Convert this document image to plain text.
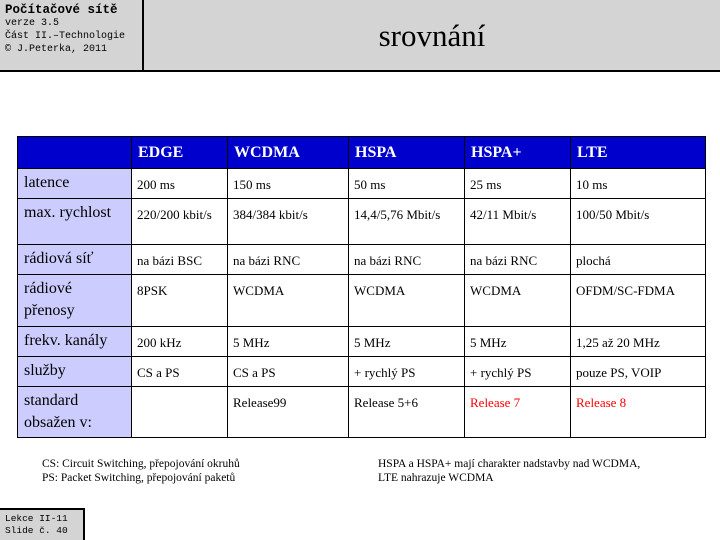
Počítačové sítě
verze 3.5
Část II.–Technologie
© J.Peterka, 2011	srovnání
	EDGE	WCDMA	HSPA	HSPA+	LTE
latence	200 ms	150 ms	50 ms	25 ms	10 ms
max. rychlost	220/200 kbit/s	384/384 kbit/s	14,4/5,76 Mbit/s	42/11 Mbit/s	100/50 Mbit/s
rádiová síť	na bázi BSC	na bázi RNC	na bázi RNC	na bázi RNC	plochá
rádiové přenosy	8PSK	WCDMA	WCDMA	WCDMA	OFDM/SC-FDMA
frekv. kanály	200 kHz	5 MHz	5 MHz	5 MHz	1,25 až 20 MHz
služby	CS a PS	CS a PS	+ rychlý PS	+ rychlý PS	pouze PS, VOIP
standard obsažen v:		Release99	Release 5+6	Release 7	Release 8
CS: Circuit Switching, přepojování okruhů
PS: Packet Switching, přepojování paketů
HSPA a HSPA+ mají charakter nadstavby nad WCDMA,
LTE nahrazuje WCDMA
Lekce II-11
Slide č. 40
